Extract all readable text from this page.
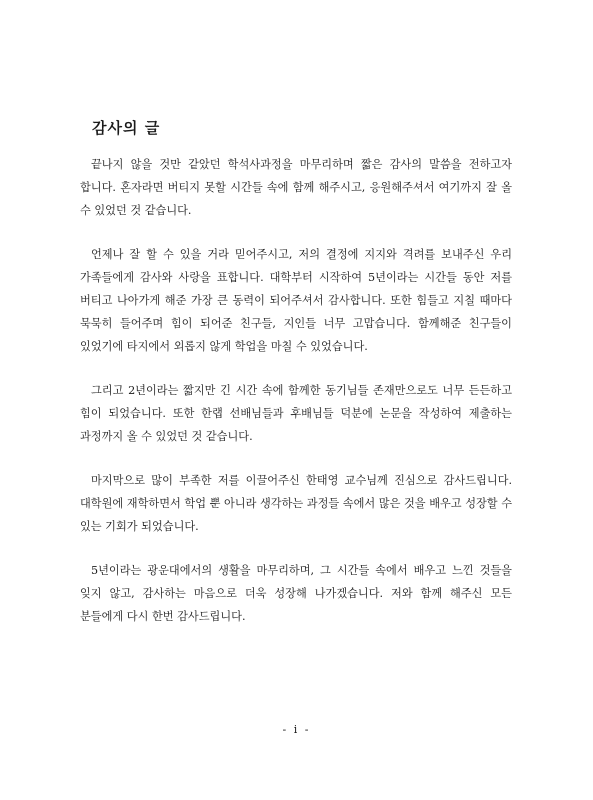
감사의 글

끝나지 않을 것만 같았던 학석사과정을 마무리하며 짧은 감사의 말씀을 전하고자 합니다. 혼자라면 버티지 못할 시간들 속에 함께 해주시고, 응원해주셔서 여기까지 잘 올 수 있었던 것 같습니다.

언제나 잘 할 수 있을 거라 믿어주시고, 저의 결정에 지지와 격려를 보내주신 우리 가족들에게 감사와 사랑을 표합니다. 대학부터 시작하여 5년이라는 시간들 동안 저를 버티고 나아가게 해준 가장 큰 동력이 되어주셔서 감사합니다. 또한 힘들고 지칠 때마다 묵묵히 들어주며 힘이 되어준 친구들, 지인들 너무 고맙습니다. 함께해준 친구들이 있었기에 타지에서 외롭지 않게 학업을 마칠 수 있었습니다.

그리고 2년이라는 짧지만 긴 시간 속에 함께한 동기님들 존재만으로도 너무 든든하고 힘이 되었습니다. 또한 한랩 선배님들과 후배님들 덕분에 논문을 작성하여 제출하는 과정까지 올 수 있었던 것 같습니다.

마지막으로 많이 부족한 저를 이끌어주신 한태영 교수님께 진심으로 감사드립니다. 대학원에 재학하면서 학업 뿐 아니라 생각하는 과정들 속에서 많은 것을 배우고 성장할 수 있는 기회가 되었습니다.

5년이라는 광운대에서의 생활을 마무리하며, 그 시간들 속에서 배우고 느낀 것들을 잊지 않고, 감사하는 마음으로 더욱 성장해 나가겠습니다. 저와 함께 해주신 모든 분들에게 다시 한번 감사드립니다.

- i -
